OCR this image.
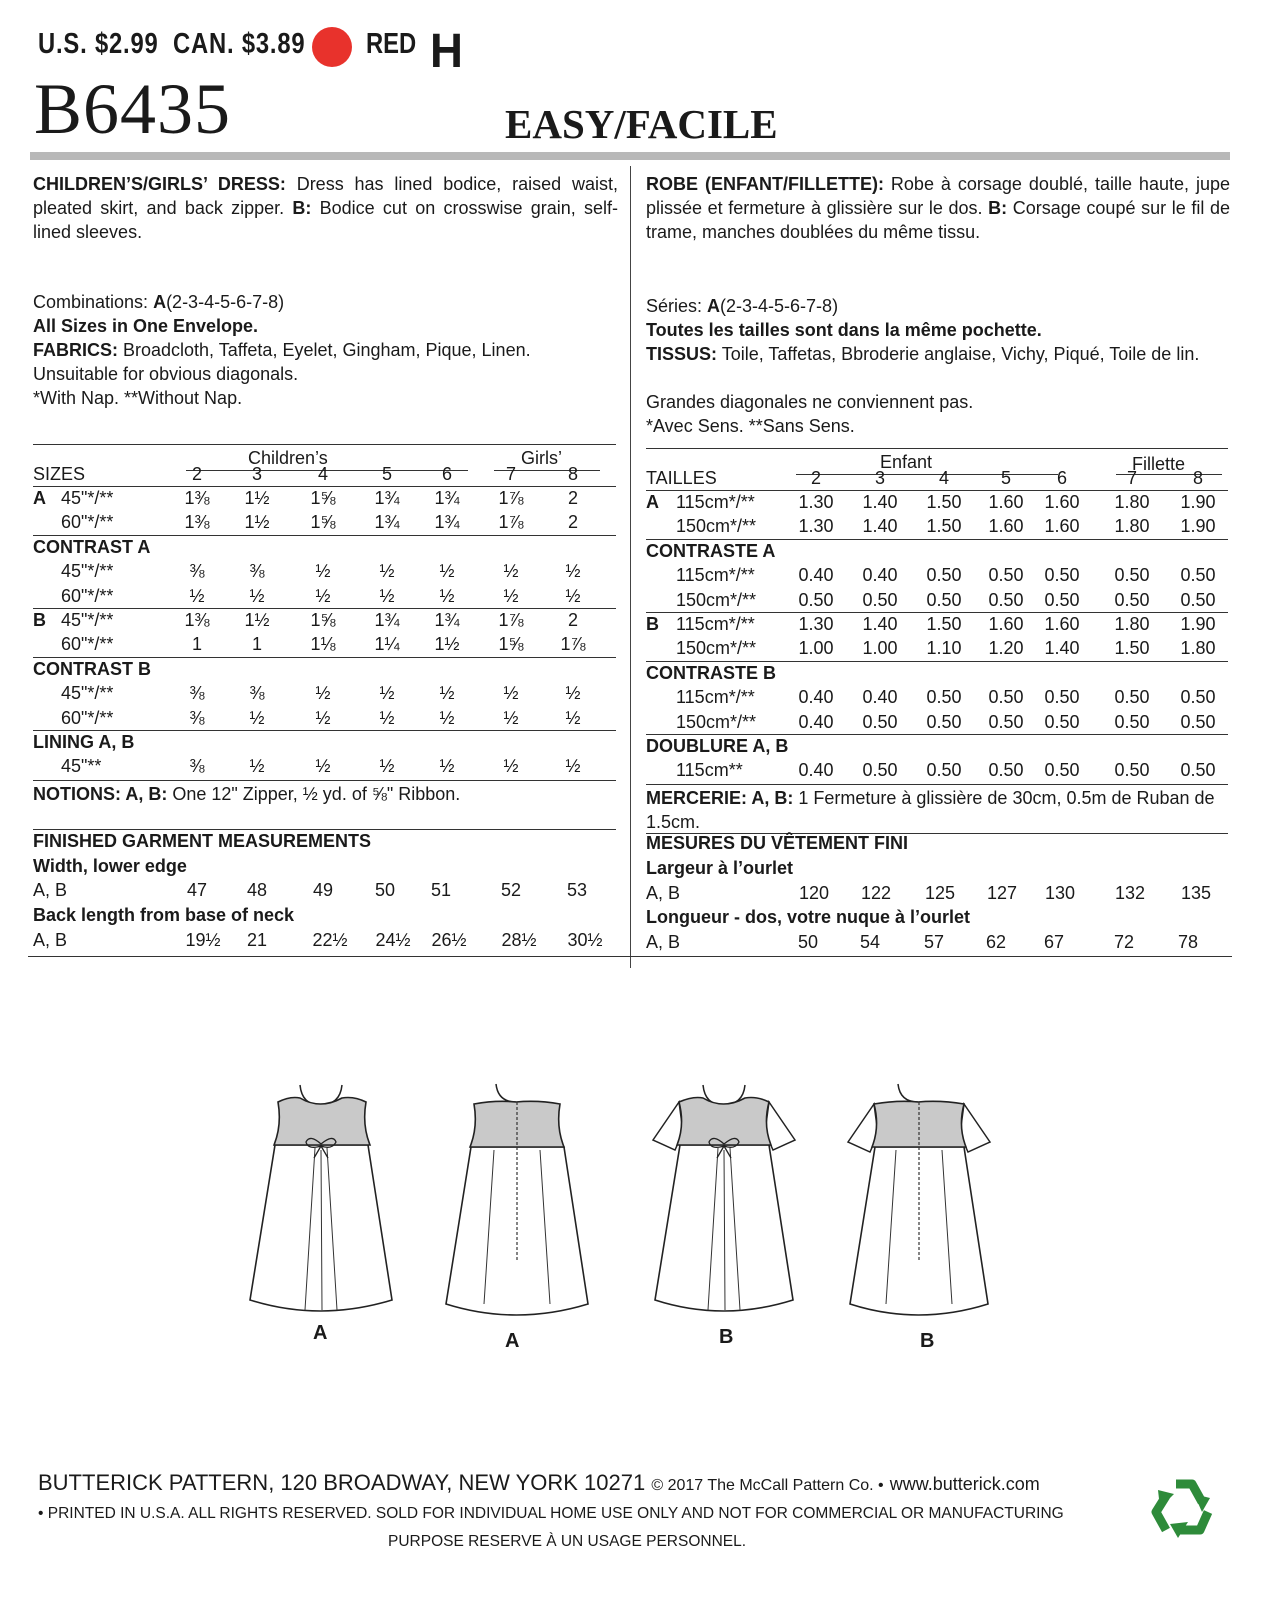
U.S. $2.99 CAN. $3.89 RED H
B6435	EASY/FACILE
CHILDREN’S/GIRLS’ DRESS: Dress has lined bodice, raised waist, pleated skirt, and back zipper. B: Bodice cut on crosswise grain, self-lined sleeves.
Combinations: A(2-3-4-5-6-7-8)
All Sizes in One Envelope.
FABRICS: Broadcloth, Taffeta, Eyelet, Gingham, Pique, Linen.
Unsuitable for obvious diagonals.
*With Nap. **Without Nap.
Children’s	Girls’
SIZES	2	3	4	5	6	7	8
A 45"*/**	1⅜ 1½ 1⅝ 1¾ 1¾ 1⅞ 2
60"*/**	1⅜ 1½ 1⅝ 1¾ 1¾ 1⅞ 2
CONTRAST A
45"*/**	⅜ ⅜	½	½ ½	½	½
60"*/**	½ ½	½	½ ½	½	½
B 45"*/**	1⅜ 1½ 1⅝ 1¾ 1¾ 1⅞ 2
60"*/**	1	1	1⅛ 1¼ 1½ 1⅝ 1⅞
CONTRAST B
45"*/**	⅜ ⅜	½	½ ½	½	½
60"*/**	⅜ ½	½	½ ½	½	½
LINING A, B
45"**	⅜ ½	½	½ ½	½	½
NOTIONS: A, B: One 12" Zipper, ½ yd. of ⅝" Ribbon.
FINISHED GARMENT MEASUREMENTS
Width, lower edge
A, B	47 48	49 50 51	52	53
Back length from base of neck
A, B	19½ 21	22½ 24½ 26½ 28½ 30½
ROBE (ENFANT/FILLETTE): Robe à corsage doublé, taille haute, jupe plissée et fermeture à glissière sur le dos. B: Corsage coupé sur le fil de trame, manches doublées du même tissu.
Séries: A(2-3-4-5-6-7-8)
Toutes les tailles sont dans la même pochette.
TISSUS: Toile, Taffetas, Bbroderie anglaise, Vichy, Piqué, Toile de lin.
Grandes diagonales ne conviennent pas.
*Avec Sens. **Sans Sens.
Enfant	Fillette
TAILLES	2	3	4	5	6	7	8
A 115cm*/** 1.30 1.40 1.50 1.60 1.60 1.80 1.90
150cm*/** 1.30 1.40 1.50 1.60 1.60 1.80 1.90
CONTRASTE A
115cm*/** 0.40 0.40 0.50 0.50 0.50 0.50 0.50
150cm*/** 0.50 0.50 0.50 0.50 0.50 0.50 0.50
B 115cm*/** 1.30 1.40 1.50 1.60 1.60 1.80 1.90
150cm*/** 1.00 1.00 1.10 1.20 1.40 1.50 1.80
CONTRASTE B
115cm*/** 0.40 0.40 0.50 0.50 0.50 0.50 0.50
150cm*/** 0.40 0.50 0.50 0.50 0.50 0.50 0.50
DOUBLURE A, B
115cm**	0.40 0.50 0.50 0.50 0.50 0.50 0.50
MERCERIE: A, B: 1 Fermeture à glissière de 30cm, 0.5m de Ruban de 1.5cm.
MESURES DU VÊTEMENT FINI
Largeur à l’ourlet
A, B	120 122 125 127 130 132 135
Longueur - dos, votre nuque à l’ourlet
A, B	50 54 57 62 67	72 78
A	A	B	B
BUTTERICK PATTERN, 120 BROADWAY, NEW YORK 10271 © 2017 The McCall Pattern Co. • www.butterick.com
• PRINTED IN U.S.A. ALL RIGHTS RESERVED. SOLD FOR INDIVIDUAL HOME USE ONLY AND NOT FOR COMMERCIAL OR MANUFACTURING
PURPOSE RESERVE À UN USAGE PERSONNEL.
